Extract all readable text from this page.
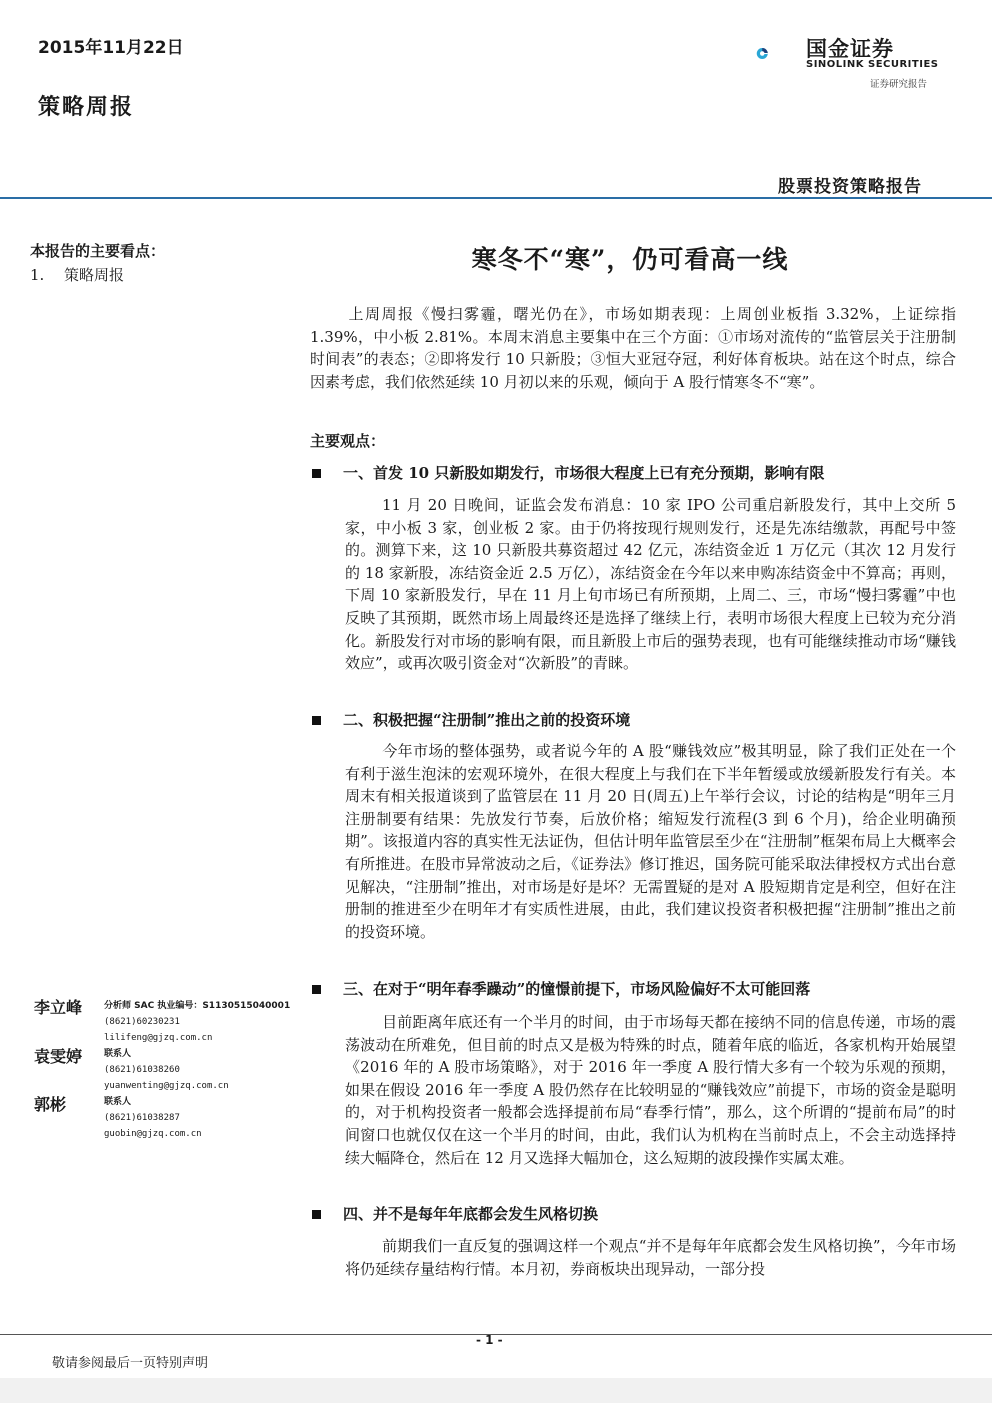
2015年11月22日
策略周报
国金证券
SINOLINK SECURITIES
证券研究报告
股票投资策略报告
本报告的主要看点：
1. 策略周报
寒冬不“寒”，仍可看高一线
上周周报《慢扫雾霾，曙光仍在》，市场如期表现：上周创业板指 3.32%，上证综指 1.39%，中小板 2.81%。本周末消息主要集中在三个方面：①市场对流传的“监管层关于注册制时间表”的表态；②即将发行 10 只新股；③恒大亚冠夺冠，利好体育板块。站在这个时点，综合因素考虑，我们依然延续 10 月初以来的乐观，倾向于 A 股行情寒冬不“寒”。
主要观点：
一、首发 10 只新股如期发行，市场很大程度上已有充分预期，影响有限
11 月 20 日晚间，证监会发布消息：10 家 IPO 公司重启新股发行，其中上交所 5 家，中小板 3 家，创业板 2 家。由于仍将按现行规则发行，还是先冻结缴款，再配号中签的。测算下来，这 10 只新股共募资超过 42 亿元，冻结资金近 1 万亿元（其次 12 月发行的 18 家新股，冻结资金近 2.5 万亿），冻结资金在今年以来申购冻结资金中不算高；再则，下周 10 家新股发行，早在 11 月上旬市场已有所预期，上周二、三，市场“慢扫雾霾”中也反映了其预期，既然市场上周最终还是选择了继续上行，表明市场很大程度上已较为充分消化。新股发行对市场的影响有限，而且新股上市后的强势表现，也有可能继续推动市场“赚钱效应”，或再次吸引资金对“次新股”的青睐。
二、积极把握“注册制”推出之前的投资环境
今年市场的整体强势，或者说今年的 A 股“赚钱效应”极其明显，除了我们正处在一个有利于滋生泡沫的宏观环境外，在很大程度上与我们在下半年暂缓或放缓新股发行有关。本周末有相关报道谈到了监管层在 11 月 20 日(周五)上午举行会议，讨论的结构是“明年三月注册制要有结果：先放发行节奏，后放价格；缩短发行流程(3 到 6 个月)，给企业明确预期”。该报道内容的真实性无法证伪，但估计明年监管层至少在“注册制”框架布局上大概率会有所推进。在股市异常波动之后，《证券法》修订推迟，国务院可能采取法律授权方式出台意见解决，“注册制”推出，对市场是好是坏？无需置疑的是对 A 股短期肯定是利空，但好在注册制的推进至少在明年才有实质性进展，由此，我们建议投资者积极把握“注册制”推出之前的投资环境。
三、在对于“明年春季躁动”的憧憬前提下，市场风险偏好不太可能回落
目前距离年底还有一个半月的时间，由于市场每天都在接纳不同的信息传递，市场的震荡波动在所难免，但目前的时点又是极为特殊的时点，随着年底的临近，各家机构开始展望《2016 年的 A 股市场策略》，对于 2016 年一季度 A 股行情大多有一个较为乐观的预期，如果在假设 2016 年一季度 A 股仍然存在比较明显的“赚钱效应”前提下，市场的资金是聪明的，对于机构投资者一般都会选择提前布局“春季行情”，那么，这个所谓的“提前布局”的时间窗口也就仅仅在这一个半月的时间，由此，我们认为机构在当前时点上，不会主动选择持续大幅降仓，然后在 12 月又选择大幅加仓，这么短期的波段操作实属太难。
四、并不是每年年底都会发生风格切换
前期我们一直反复的强调这样一个观点“并不是每年年底都会发生风格切换”，今年市场将仍延续存量结构行情。本月初，券商板块出现异动，一部分投
李立峰 分析师 SAC 执业编号：S1130515040001
(8621)60230231
lilifeng@gjzq.com.cn
袁雯婷 联系人
(8621)61038260
yuanwenting@gjzq.com.cn
郭彬	联系人
(8621)61038287
guobin@gjzq.com.cn
- 1 -
敬请参阅最后一页特别声明
